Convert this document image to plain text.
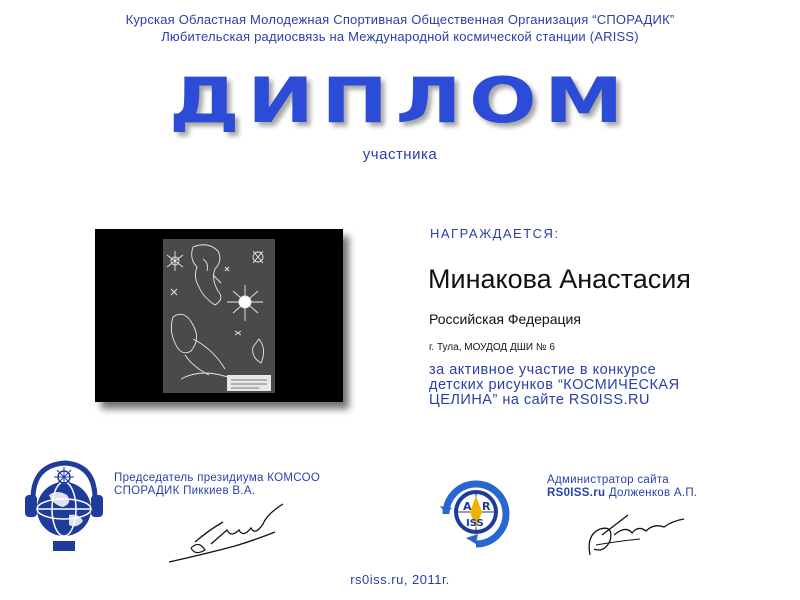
Курская Областная Молодежная Спортивная Общественная Организация “СПОРАДИК”
Любительская радиосвязь на Международной космической станции (ARISS)
ДИПЛОМ
участника
НАГРАЖДАЕТСЯ:
Минакова Анастасия
Российская Федерация
г. Тула, МОУДОД ДШИ № 6
за активное участие в конкурсе
детских рисунков “КОСМИЧЕСКАЯ
ЦЕЛИНА” на сайте RS0ISS.RU
A R
ISS
Председатель президиума КОМСОО
СПОРАДИК Пиккиев В.А.
Администратор сайта
RS0ISS.ru Долженков А.П.
rs0iss.ru, 2011г.
